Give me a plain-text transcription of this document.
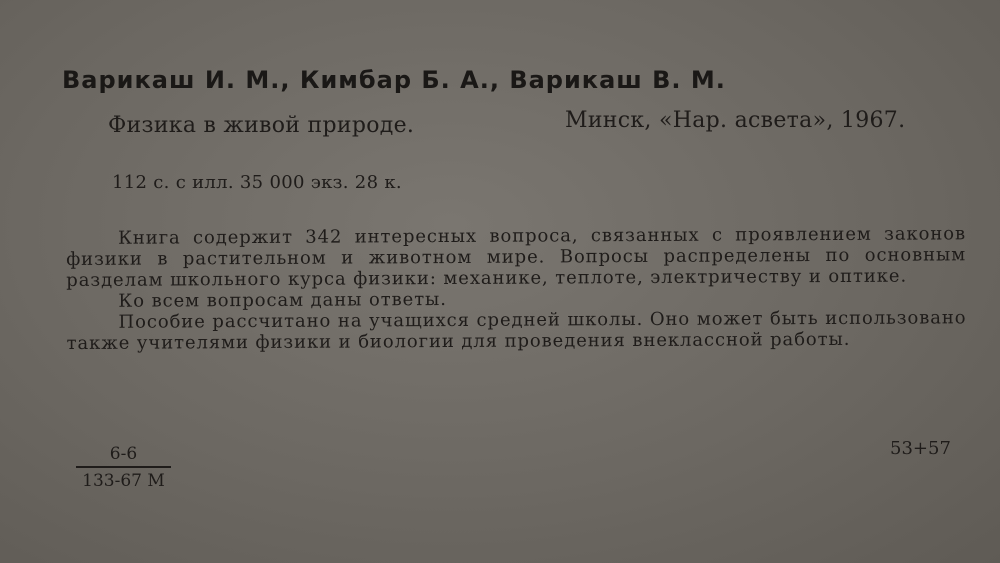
Варикаш И. М., Кимбар Б. А., Варикаш В. М.
Физика в живой природе.	Минск, «Нар. асвета», 1967.
112 с. с илл. 35 000 экз. 28 к.

Книга содержит 342 интересных вопроса, связанных с проявлением законов физики в растительном и животном мире. Вопросы распределены по основным разделам школьного курса физики: механике, теплоте, электричеству и оптике.

Ко всем вопросам даны ответы.

Пособие рассчитано на учащихся средней школы. Оно может быть использовано также учителями физики и биологии для проведения внеклассной работы.

6-6
133-67 М
53+57
